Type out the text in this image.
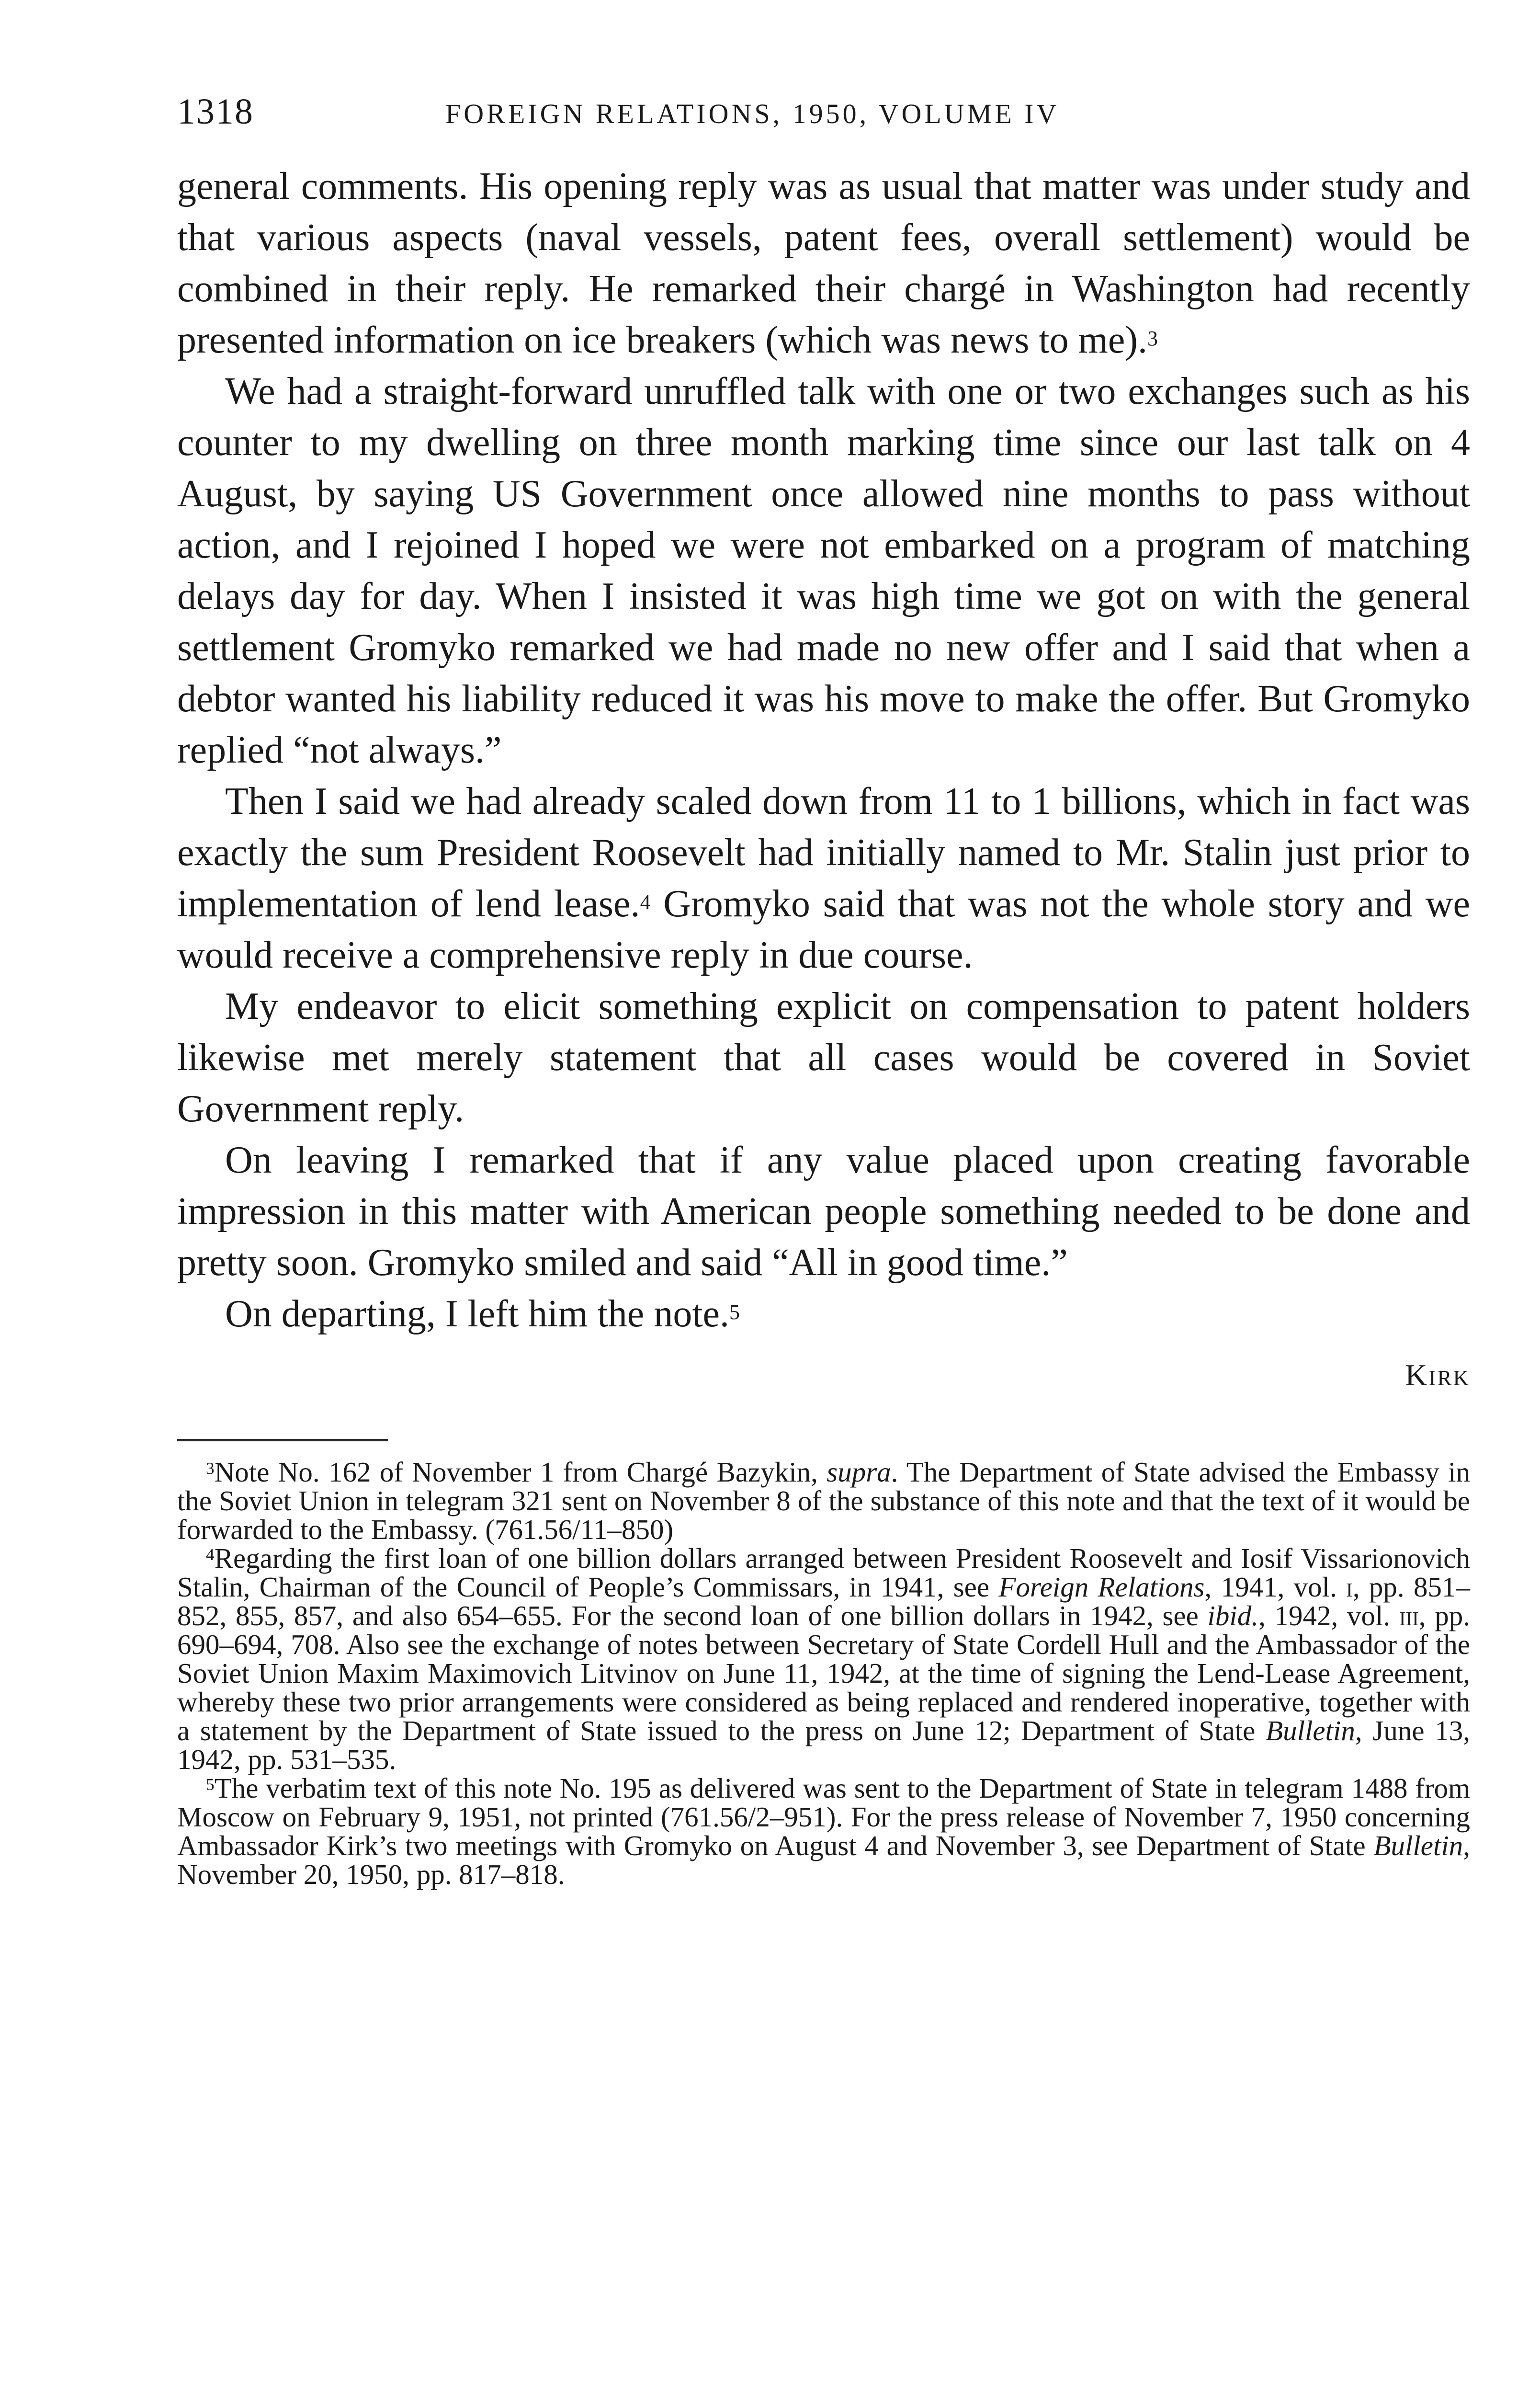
1318	FOREIGN RELATIONS, 1950, VOLUME IV

general comments. His opening reply was as usual that matter was under study and that various aspects (naval vessels, patent fees, overall settlement) would be combined in their reply. He remarked their chargé in Washington had recently presented information on ice breakers (which was news to me).$^3$

We had a straight-forward unruffled talk with one or two exchanges such as his counter to my dwelling on three month marking time since our last talk on 4 August, by saying US Government once allowed nine months to pass without action, and I rejoined I hoped we were not embarked on a program of matching delays day for day. When I insisted it was high time we got on with the general settlement Gromyko remarked we had made no new offer and I said that when a debtor wanted his liability reduced it was his move to make the offer. But Gromyko replied “not always.”

Then I said we had already scaled down from 11 to 1 billions, which in fact was exactly the sum President Roosevelt had initially named to Mr. Stalin just prior to implementation of lend lease.$^4$ Gromyko said that was not the whole story and we would receive a comprehensive reply in due course.

My endeavor to elicit something explicit on compensation to patent holders likewise met merely statement that all cases would be covered in Soviet Government reply.

On leaving I remarked that if any value placed upon creating favorable impression in this matter with American people something needed to be done and pretty soon. Gromyko smiled and said “All in good time.”

On departing, I left him the note.$^5$

Kirk

$^3$Note No. 162 of November 1 from Chargé Bazykin, supra. The Department of State advised the Embassy in the Soviet Union in telegram 321 sent on November 8 of the substance of this note and that the text of it would be forwarded to the Embassy. (761.56/11–850)

$^4$Regarding the first loan of one billion dollars arranged between President Roosevelt and Iosif Vissarionovich Stalin, Chairman of the Council of People’s Commissars, in 1941, see Foreign Relations, 1941, vol. i, pp. 851–852, 855, 857, and also 654–655. For the second loan of one billion dollars in 1942, see ibid., 1942, vol. iii, pp. 690–694, 708. Also see the exchange of notes between Secretary of State Cordell Hull and the Ambassador of the Soviet Union Maxim Maximovich Litvinov on June 11, 1942, at the time of signing the Lend-Lease Agreement, whereby these two prior arrangements were considered as being replaced and rendered inoperative, together with a statement by the Department of State issued to the press on June 12; Department of State Bulletin, June 13, 1942, pp. 531–535.

$^5$The verbatim text of this note No. 195 as delivered was sent to the Department of State in telegram 1488 from Moscow on February 9, 1951, not printed (761.56/2–951). For the press release of November 7, 1950 concerning Ambassador Kirk’s two meetings with Gromyko on August 4 and November 3, see Department of State Bulletin, November 20, 1950, pp. 817–818.
